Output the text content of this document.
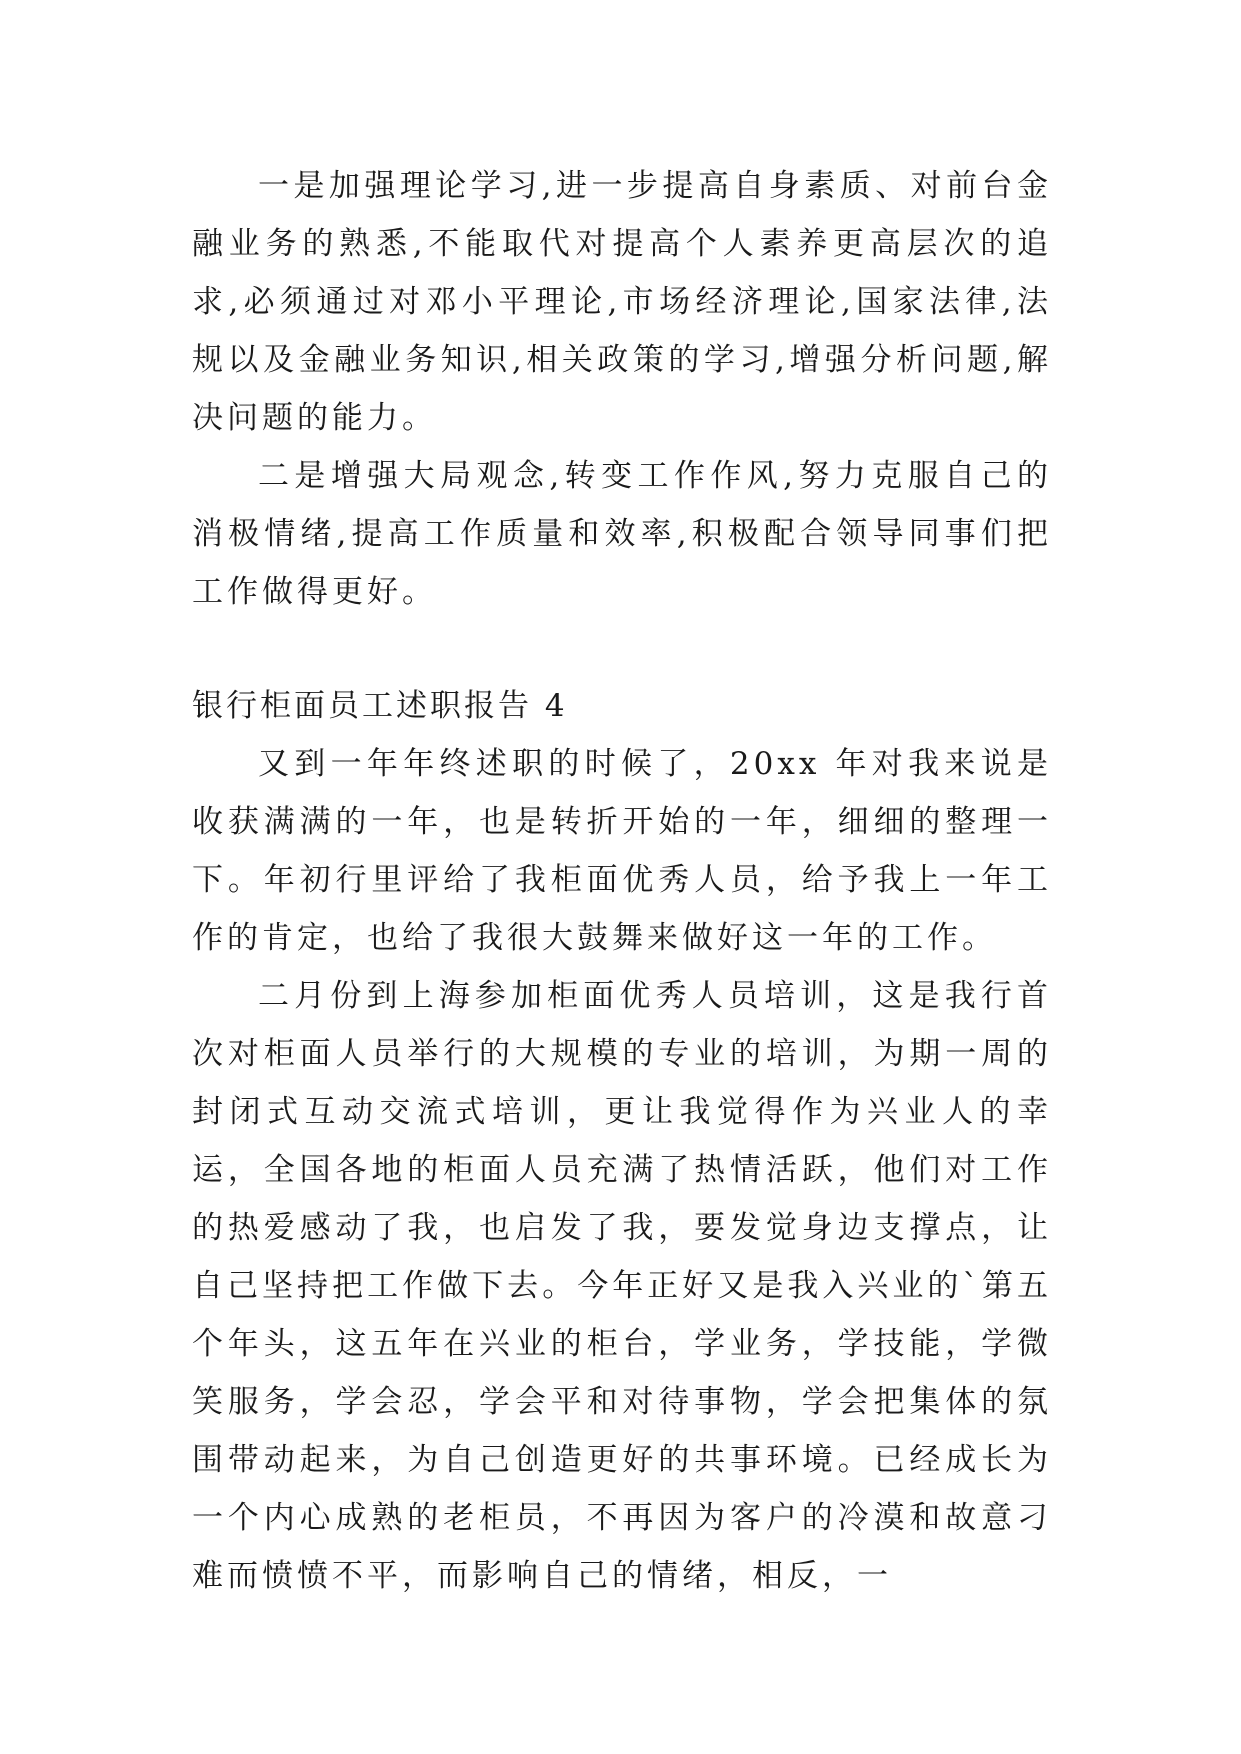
一是加强理论学习,进一步提高自身素质、对前台金融业务的熟悉,不能取代对提高个人素养更高层次的追求,必须通过对邓小平理论,市场经济理论,国家法律,法规以及金融业务知识,相关政策的学习,增强分析问题,解决问题的能力。

二是增强大局观念,转变工作作风,努力克服自己的消极情绪,提高工作质量和效率,积极配合领导同事们把工作做得更好。

银行柜面员工述职报告 4

又到一年年终述职的时候了，20xx 年对我来说是收获满满的一年，也是转折开始的一年，细细的整理一下。年初行里评给了我柜面优秀人员，给予我上一年工作的肯定，也给了我很大鼓舞来做好这一年的工作。

二月份到上海参加柜面优秀人员培训，这是我行首次对柜面人员举行的大规模的专业的培训，为期一周的封闭式互动交流式培训，更让我觉得作为兴业人的幸运，全国各地的柜面人员充满了热情活跃，他们对工作的热爱感动了我，也启发了我，要发觉身边支撑点，让自己坚持把工作做下去。今年正好又是我入兴业的`第五个年头，这五年在兴业的柜台，学业务，学技能，学微笑服务，学会忍，学会平和对待事物，学会把集体的氛围带动起来，为自己创造更好的共事环境。已经成长为一个内心成熟的老柜员，不再因为客户的冷漠和故意刁难而愤愤不平，而影响自己的情绪，相反，一
